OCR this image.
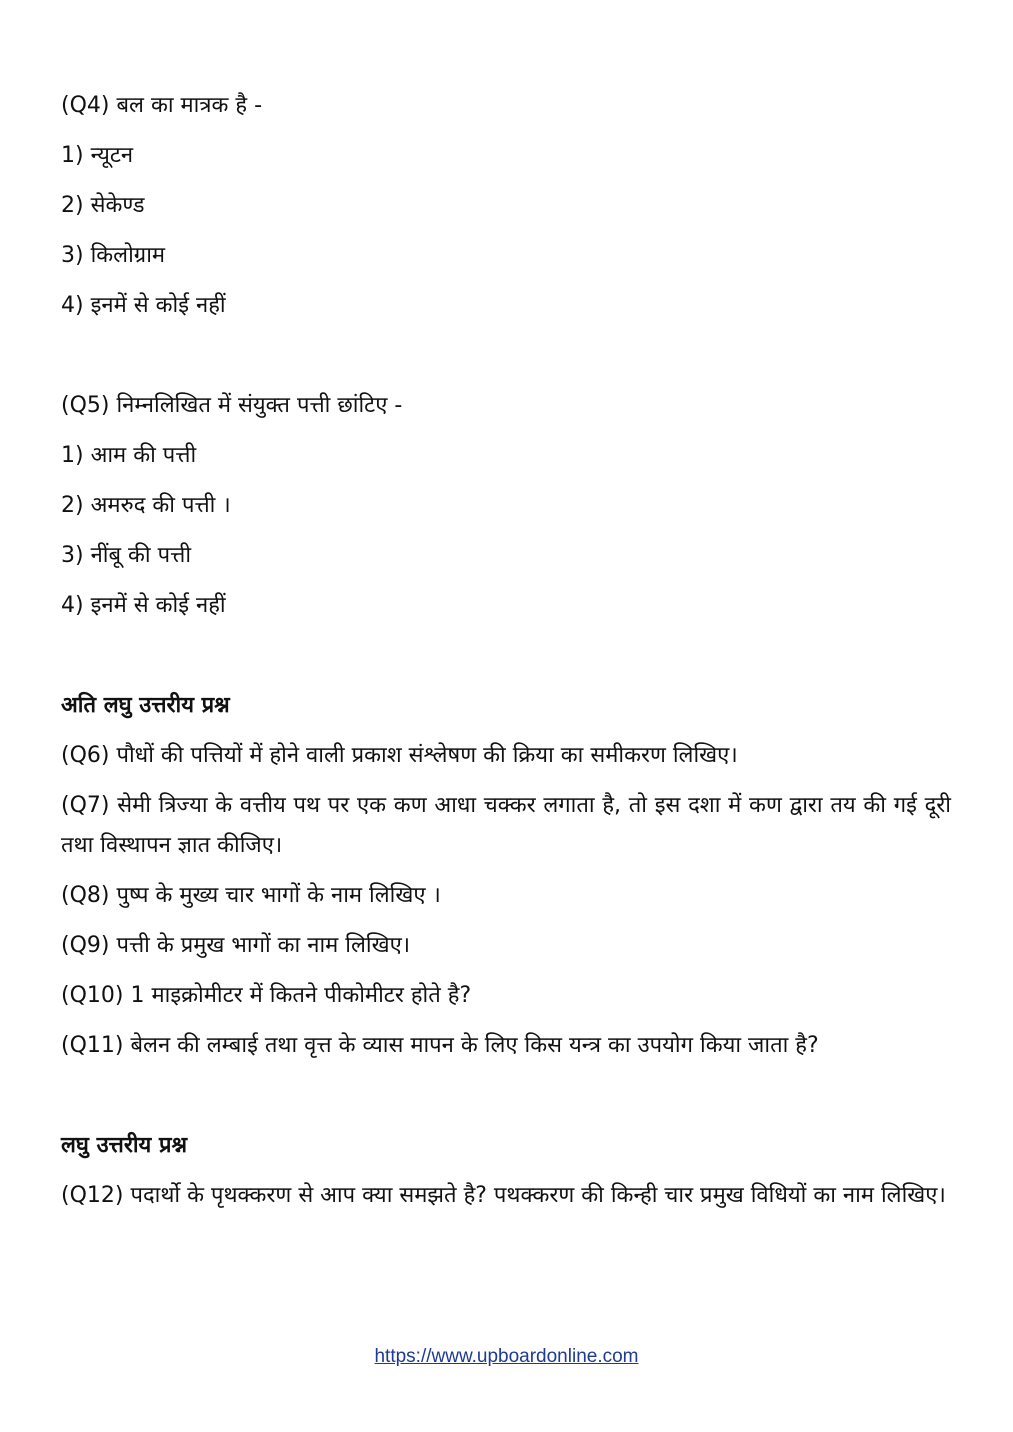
(Q4) बल का मात्रक है -
1) न्यूटन
2) सेकेण्ड
3) किलोग्राम
4) इनमें से कोई नहीं
(Q5) निम्नलिखित में संयुक्त पत्ती छांटिए -
1) आम की पत्ती
2) अमरुद की पत्ती ।
3) नींबू की पत्ती
4) इनमें से कोई नहीं
अति लघु उत्तरीय प्रश्न
(Q6) पौधों की पत्तियों में होने वाली प्रकाश संश्लेषण की क्रिया का समीकरण लिखिए।
(Q7) सेमी त्रिज्या के वत्तीय पथ पर एक कण आधा चक्कर लगाता है, तो इस दशा में कण द्वारा तय की गई दूरी तथा विस्थापन ज्ञात कीजिए।
(Q8) पुष्प के मुख्य चार भागों के नाम लिखिए ।
(Q9) पत्ती के प्रमुख भागों का नाम लिखिए।
(Q10) 1 माइक्रोमीटर में कितने पीकोमीटर होते है?
(Q11) बेलन की लम्बाई तथा वृत्त के व्यास मापन के लिए किस यन्त्र का उपयोग किया जाता है?
लघु उत्तरीय प्रश्न
(Q12) पदार्थो के पृथक्करण से आप क्या समझते है? पथक्करण की किन्ही चार प्रमुख विधियों का नाम लिखिए।
https://www.upboardonline.com
